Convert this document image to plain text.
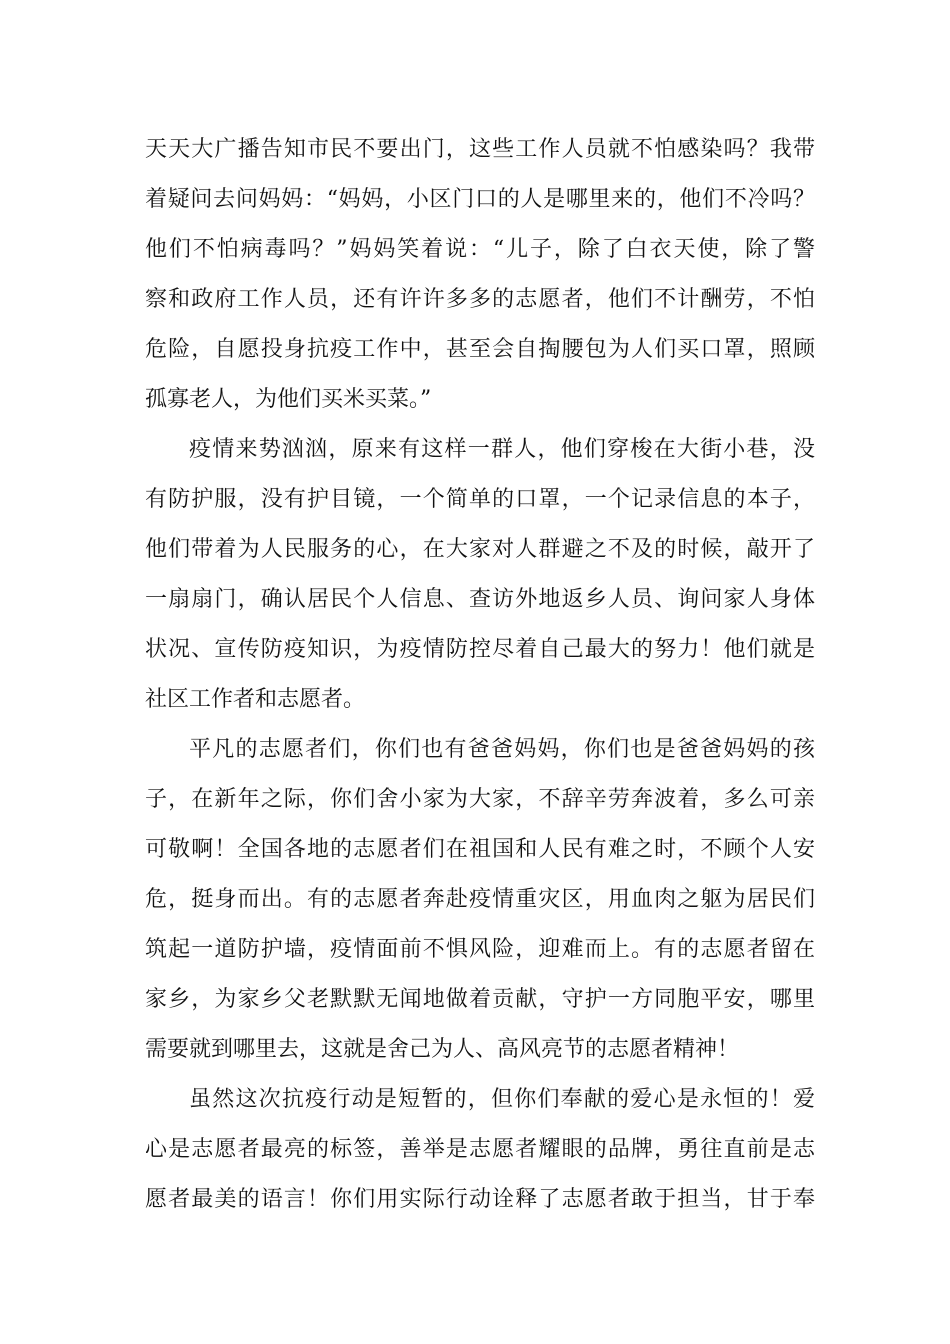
天天大广播告知市民不要出门，这些工作人员就不怕感染吗？我带
着疑问去问妈妈：“妈妈，小区门口的人是哪里来的，他们不冷吗？
他们不怕病毒吗？”妈妈笑着说：“儿子，除了白衣天使，除了警
察和政府工作人员，还有许许多多的志愿者，他们不计酬劳，不怕
危险，自愿投身抗疫工作中，甚至会自掏腰包为人们买口罩，照顾
孤寡老人，为他们买米买菜。”
疫情来势汹汹，原来有这样一群人，他们穿梭在大街小巷，没
有防护服，没有护目镜，一个简单的口罩，一个记录信息的本子，
他们带着为人民服务的心，在大家对人群避之不及的时候，敲开了
一扇扇门，确认居民个人信息、查访外地返乡人员、询问家人身体
状况、宣传防疫知识，为疫情防控尽着自己最大的努力！他们就是
社区工作者和志愿者。
平凡的志愿者们，你们也有爸爸妈妈，你们也是爸爸妈妈的孩
子，在新年之际，你们舍小家为大家，不辞辛劳奔波着，多么可亲
可敬啊！全国各地的志愿者们在祖国和人民有难之时，不顾个人安
危，挺身而出。有的志愿者奔赴疫情重灾区，用血肉之躯为居民们
筑起一道防护墙，疫情面前不惧风险，迎难而上。有的志愿者留在
家乡，为家乡父老默默无闻地做着贡献，守护一方同胞平安，哪里
需要就到哪里去，这就是舍己为人、高风亮节的志愿者精神！
虽然这次抗疫行动是短暂的，但你们奉献的爱心是永恒的！爱
心是志愿者最亮的标签，善举是志愿者耀眼的品牌，勇往直前是志
愿者最美的语言！你们用实际行动诠释了志愿者敢于担当，甘于奉
